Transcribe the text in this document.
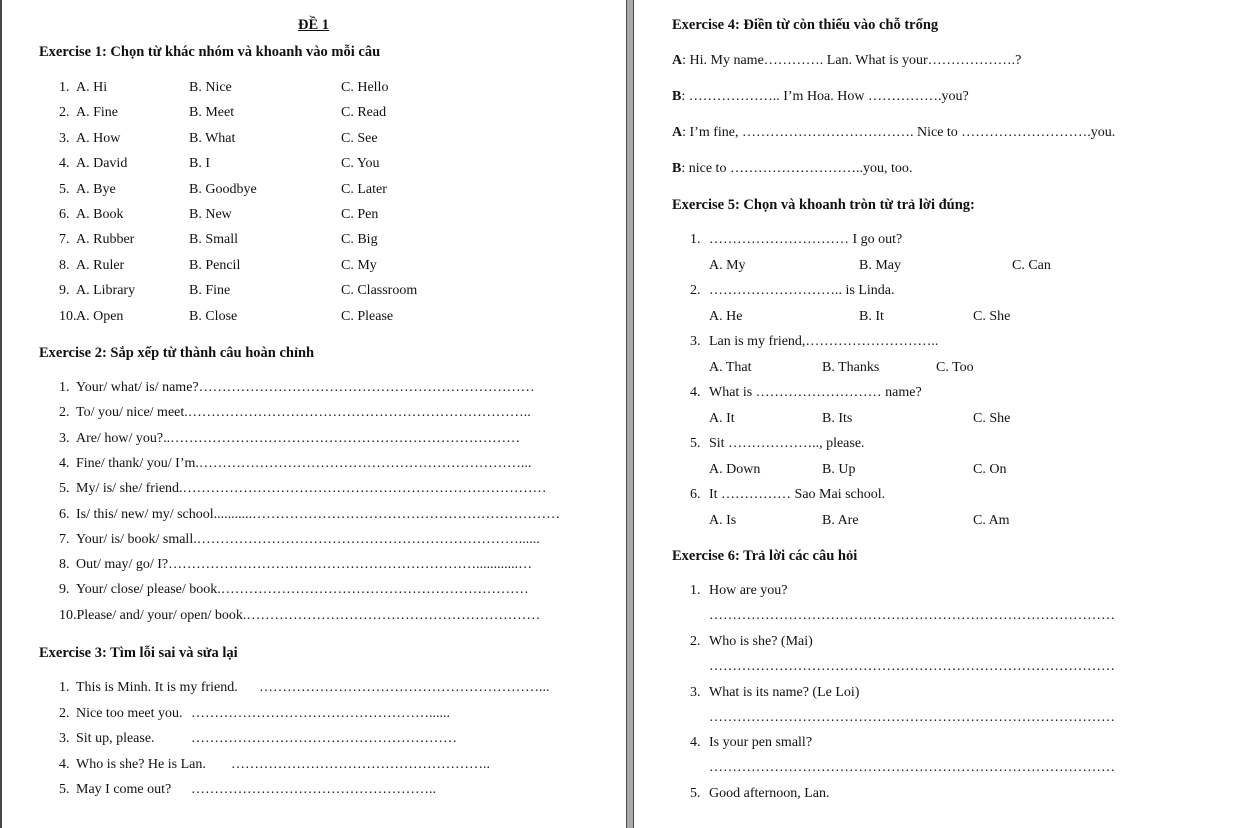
ĐỀ 1
Exercise 1: Chọn từ khác nhóm và khoanh vào mỗi câu
1. A. Hi	B. Nice	C. Hello
2. A. Fine	B. Meet	C. Read
3. A. How	B. What	C. See
4. A. David	B. I	C. You
5. A. Bye	B. Goodbye	C. Later
6. A. Book	B. New	C. Pen
7. A. Rubber	B. Small	C. Big
8. A. Ruler	B. Pencil	C. My
9. A. Library	B. Fine	C. Classroom
10. A. Open	B. Close	C. Please
Exercise 2: Sắp xếp từ thành câu hoàn chỉnh
1. Your/ what/ is/ name?………………………………………………………………
2. To/ you/ nice/ meet.………………………………………………………………..
3. Are/ how/ you?..…………………………………………………………………
4. Fine/ thank/ you/ I’m.……………………………………………………………...
5. My/ is/ she/ friend.……………………………………………………………………
6. Is/ this/ new/ my/ school...........…………………………………………………………
7. Your/ is/ book/ small.……………………………………………………………......
8. Out/ may/ go/ I?…………………………………………………………............…
9. Your/ close/ please/ book.…………………………………………………………
10.Please/ and/ your/ open/ book.………………………………………………………
Exercise 3: Tìm lỗi sai và sửa lại
1. This is Minh. It is my friend. ……………………………………………………...
2. Nice too meet you. ……………………………………………......
3. Sit up, please.	…………………………………………………
4. Who is she? He is Lan. ………………………………………………..
5. May I come out? ……………………………………………..
Exercise 4: Điền từ còn thiếu vào chỗ trống
A: Hi. My name…………. Lan. What is your……………….?
B: ……………….. I’m Hoa. How …………….you?
A: I’m fine, ………………………………. Nice to ……………………….you.
B: nice to ………………………..you, too.
Exercise 5: Chọn và khoanh tròn từ trả lời đúng:
1. ………………………… I go out?
A. My	B. May	C. Can
2. ……………………….. is Linda.
A. He	B. It	C. She
3. Lan is my friend,………………………..
A. That	B. Thanks	C. Too
4. What is ……………………… name?
A. It	B. Its	C. She
5. Sit ……………….., please.
A. Down	B. Up	C. On
6. It …………… Sao Mai school.
A. Is	B. Are	C. Am
Exercise 6: Trả lời các câu hỏi
1. How are you?
……………………………………………………………………………
2. Who is she? (Mai)
……………………………………………………………………………
3. What is its name? (Le Loi)
……………………………………………………………………………
4. Is your pen small?
……………………………………………………………………………
5. Good afternoon, Lan.
